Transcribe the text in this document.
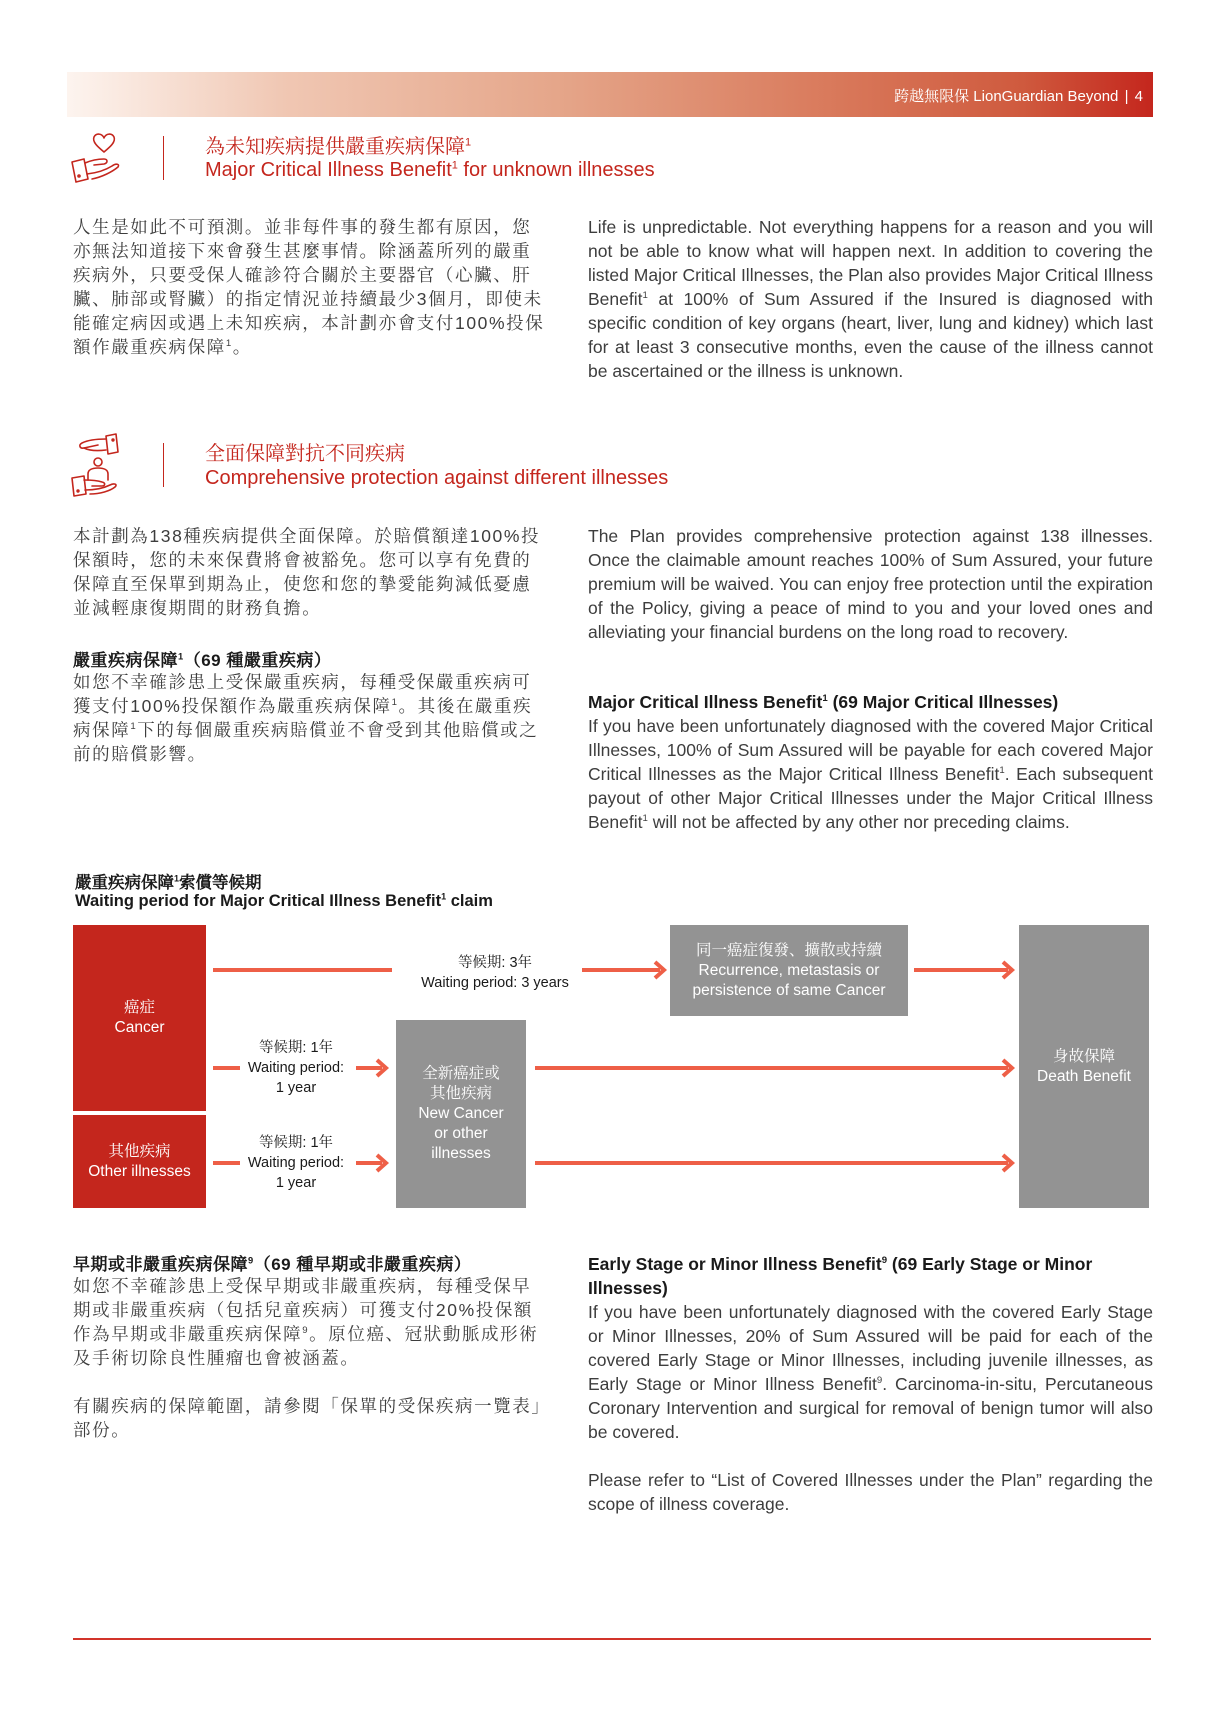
跨越無限保 LionGuardian Beyond | 4
為未知疾病提供嚴重疾病保障$^1$
Major Critical Illness Benefit$^1$ for unknown illnesses
人生是如此不可預測。並非每件事的發生都有原因，您亦無法知道接下來會發生甚麼事情。除涵蓋所列的嚴重疾病外，只要受保人確診符合關於主要器官（心臟、肝臟、肺部或腎臟）的指定情況並持續最少3個月，即使未能確定病因或遇上未知疾病，本計劃亦會支付100%投保額作嚴重疾病保障$^1$。
Life is unpredictable. Not everything happens for a reason and you will not be able to know what will happen next. In addition to covering the listed Major Critical Illnesses, the Plan also provides Major Critical Illness Benefit$^1$ at 100% of Sum Assured if the Insured is diagnosed with specific condition of key organs (heart, liver, lung and kidney) which last for at least 3 consecutive months, even the cause of the illness cannot be ascertained or the illness is unknown.
全面保障對抗不同疾病
Comprehensive protection against different illnesses
本計劃為138種疾病提供全面保障。於賠償額達100%投保額時，您的未來保費將會被豁免。您可以享有免費的保障直至保單到期為止，使您和您的摯愛能夠減低憂慮並減輕康復期間的財務負擔。
The Plan provides comprehensive protection against 138 illnesses. Once the claimable amount reaches 100% of Sum Assured, your future premium will be waived. You can enjoy free protection until the expiration of the Policy, giving a peace of mind to you and your loved ones and alleviating your financial burdens on the long road to recovery.
嚴重疾病保障$^1$（69 種嚴重疾病）
如您不幸確診患上受保嚴重疾病，每種受保嚴重疾病可獲支付100%投保額作為嚴重疾病保障$^1$。其後在嚴重疾病保障$^1$下的每個嚴重疾病賠償並不會受到其他賠償或之前的賠償影響。
Major Critical Illness Benefit$^1$ (69 Major Critical Illnesses)
If you have been unfortunately diagnosed with the covered Major Critical Illnesses, 100% of Sum Assured will be payable for each covered Major Critical Illnesses as the Major Critical Illness Benefit$^1$. Each subsequent payout of other Major Critical Illnesses under the Major Critical Illness Benefit$^1$ will not be affected by any other nor preceding claims.
嚴重疾病保障$^1$索償等候期
Waiting period for Major Critical Illness Benefit$^1$ claim
癌症
Cancer
其他疾病
Other illnesses
等候期: 3年
Waiting period: 3 years
同一癌症復發、擴散或持續
Recurrence, metastasis or
persistence of same Cancer
等候期: 1年
Waiting period:
1 year
等候期: 1年
Waiting period:
1 year
全新癌症或
其他疾病
New Cancer
or other
illnesses
身故保障
Death Benefit
早期或非嚴重疾病保障$^9$（69 種早期或非嚴重疾病）
如您不幸確診患上受保早期或非嚴重疾病，每種受保早期或非嚴重疾病（包括兒童疾病）可獲支付20%投保額作為早期或非嚴重疾病保障$^9$。原位癌、冠狀動脈成形術及手術切除良性腫瘤也會被涵蓋。
有關疾病的保障範圍，請參閱「保單的受保疾病一覽表」部份。
Early Stage or Minor Illness Benefit$^9$ (69 Early Stage or Minor Illnesses)
If you have been unfortunately diagnosed with the covered Early Stage or Minor Illnesses, 20% of Sum Assured will be paid for each of the covered Early Stage or Minor Illnesses, including juvenile illnesses, as Early Stage or Minor Illness Benefit$^9$. Carcinoma-in-situ, Percutaneous Coronary Intervention and surgical for removal of benign tumor will also be covered.
Please refer to “List of Covered Illnesses under the Plan” regarding the scope of illness coverage.
